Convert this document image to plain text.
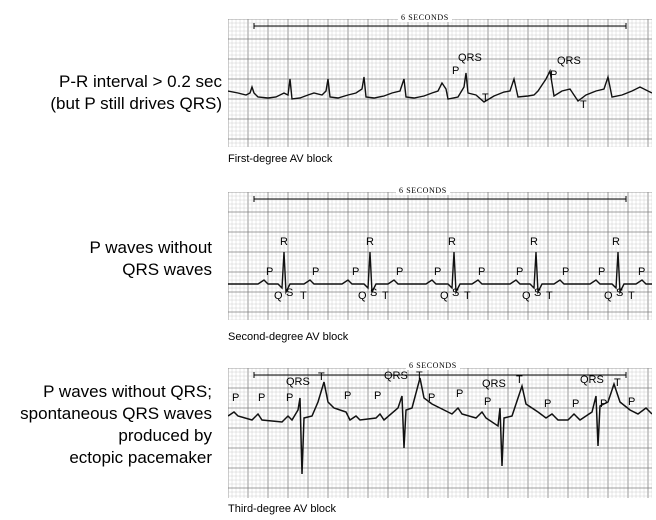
P-R interval > 0.2 sec
(but P still drives QRS)
6 SECONDS
P
QRS
T
P
QRS
T
First-degree AV block
P waves without
QRS waves
6 SECONDS
R	R	R	R	R
P	P	P	P	P	P	P	P	P	P
Q S T	Q S T	Q S T	Q S T	Q S T
Second-degree AV block
P waves without QRS;
spontaneous QRS waves
produced by
ectopic pacemaker
6 SECONDS
QRS T	QRS T
QRS T	QRS T
P P P	P P	P P
P	P P P P
Third-degree AV block
